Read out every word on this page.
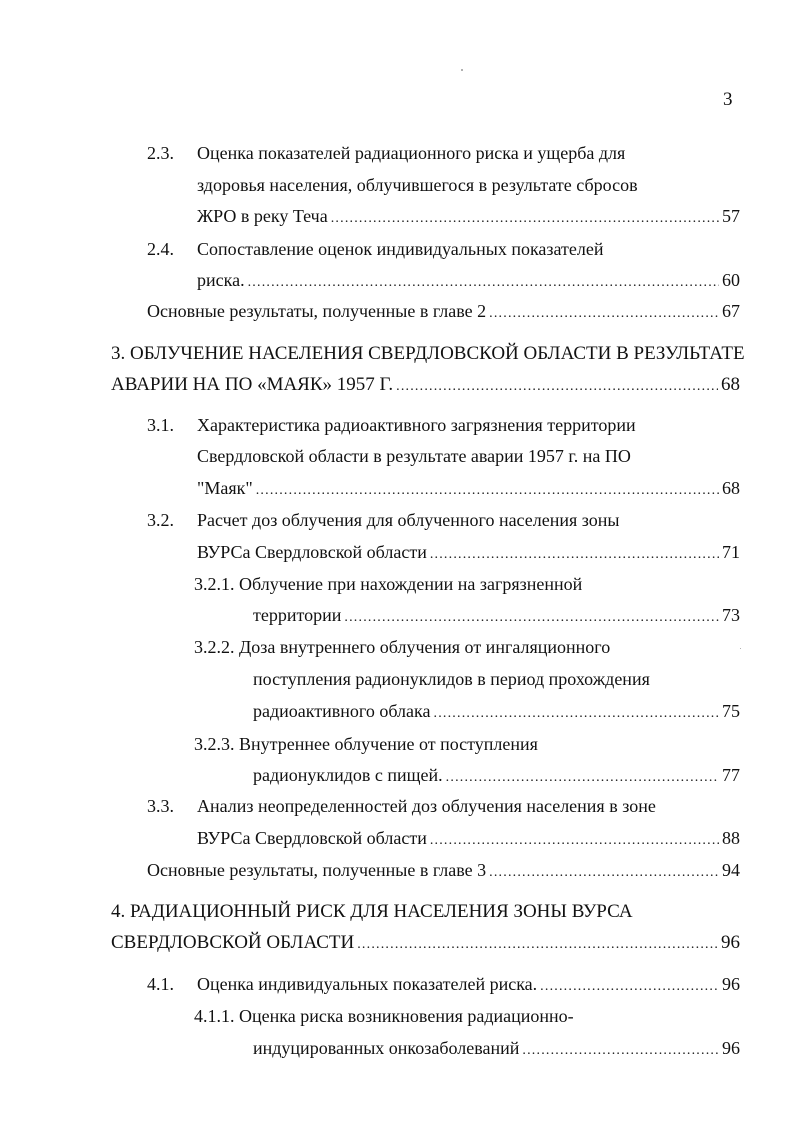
3
2.3.	Оценка показателей радиационного риска и ущерба для
здоровья населения, облучившегося в результате сбросов
ЖРО в реку Теча .....	57
2.4.	Сопоставление оценок индивидуальных показателей
риска. .....	60
Основные результаты, полученные в главе 2 .....	67
3. ОБЛУЧЕНИЕ НАСЕЛЕНИЯ СВЕРДЛОВСКОЙ ОБЛАСТИ В РЕЗУЛЬТАТЕ
АВАРИИ НА ПО «МАЯК» 1957 Г. .....	68
3.1.	Характеристика радиоактивного загрязнения территории
Свердловской области в результате аварии 1957 г. на ПО
"Маяк" .....	68
3.2.	Расчет доз облучения для облученного населения зоны
ВУРСа Свердловской области .....	71
3.2.1. Облучение при нахождении на загрязненной
территории .....	73
3.2.2. Доза внутреннего облучения от ингаляционного
поступления радионуклидов в период прохождения
радиоактивного облака .....	75
3.2.3. Внутреннее облучение от поступления
радионуклидов с пищей. .....	77
3.3.	Анализ неопределенностей доз облучения населения в зоне
ВУРСа Свердловской области .....	88
Основные результаты, полученные в главе 3 .....	94
4. РАДИАЦИОННЫЙ РИСК ДЛЯ НАСЕЛЕНИЯ ЗОНЫ ВУРСА
СВЕРДЛОВСКОЙ ОБЛАСТИ .....	96
4.1.	Оценка индивидуальных показателей риска. .....	96
4.1.1. Оценка риска возникновения радиационно-
индуцированных онкозаболеваний .....	96
